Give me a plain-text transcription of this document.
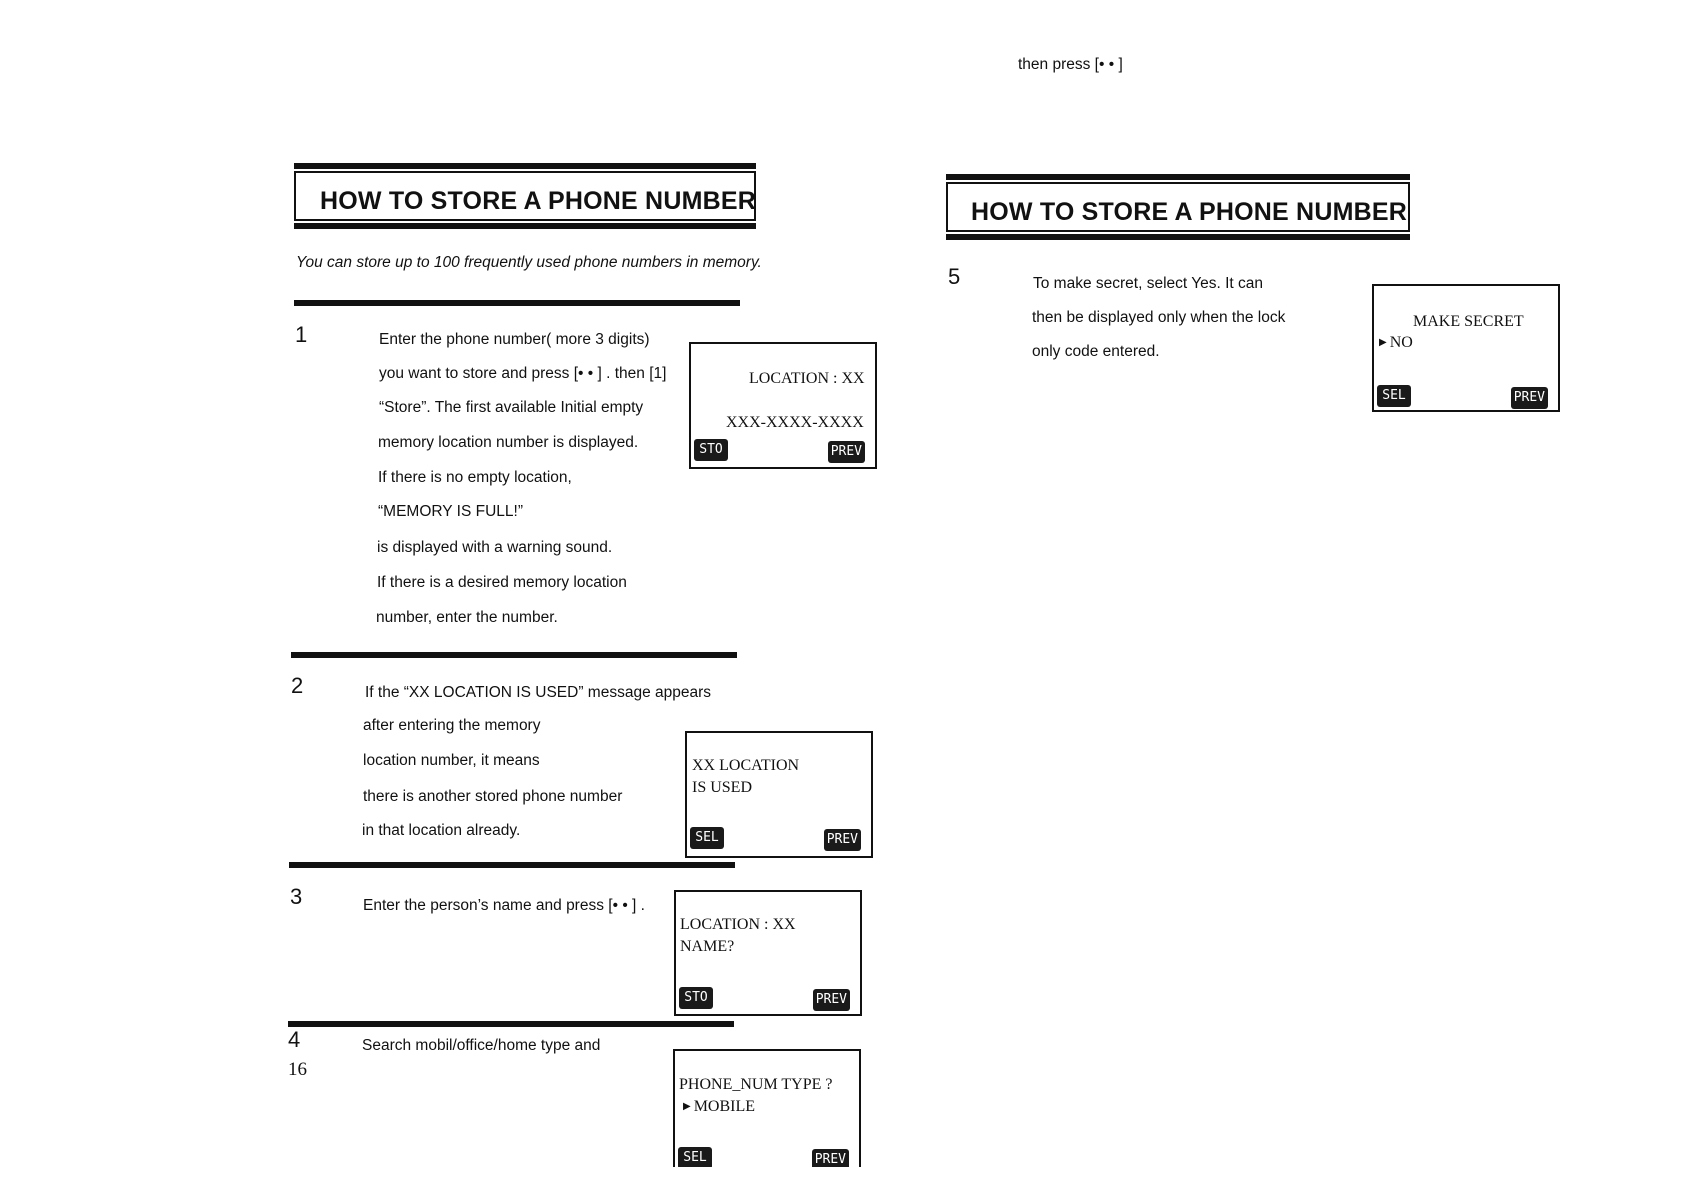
then press [• • ]
HOW TO STORE A PHONE NUMBER
You can store up to 100 frequently used phone numbers in memory.
1	Enter the phone number( more 3 digits)
you want to store and press [• • ] . then [1]
“Store”. The first available Initial empty
memory location number is displayed.
If there is no empty location,
“MEMORY IS FULL!”
is displayed with a warning sound.
If there is a desired memory location
number, enter the number.
LOCATION : XX
XXX-XXXX-XXXX
STO	PREV
2	If the “XX LOCATION IS USED” message appears
after entering the memory
location number, it means
there is another stored phone number
in that location already.
XX LOCATION
IS USED
SEL	PREV
3	Enter the person’s name and press [• • ] .
LOCATION : XX
NAME?
STO	PREV
4	Search mobil/office/home type and
16
PHONE_NUM TYPE ?
▶ MOBILE
SEL	PREV
HOW TO STORE A PHONE NUMBER
5	To make secret, select Yes. It can
then be displayed only when the lock
only code entered.
MAKE SECRET
▶ NO
SEL	PREV
